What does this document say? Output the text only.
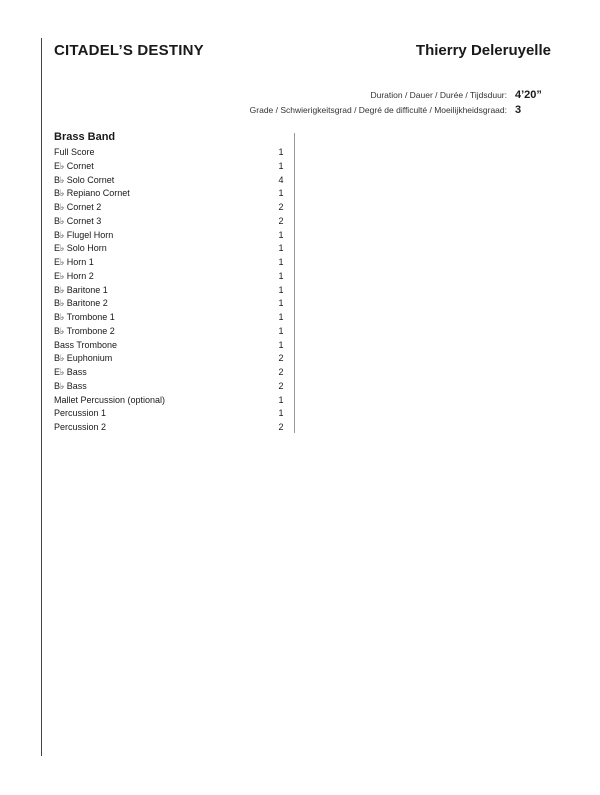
CITADEL’S DESTINY	Thierry Deleruyelle
Duration / Dauer / Durée / Tijdsduur: 4’20”
Grade / Schwierigkeitsgrad / Degré de difficulté / Moeilijkheidsgraad: 3
Brass Band
Full Score	1
E♭ Cornet	1
B♭ Solo Cornet	4
B♭ Repiano Cornet	1
B♭ Cornet 2	2
B♭ Cornet 3	2
B♭ Flugel Horn	1
E♭ Solo Horn	1
E♭ Horn 1	1
E♭ Horn 2	1
B♭ Baritone 1	1
B♭ Baritone 2	1
B♭ Trombone 1	1
B♭ Trombone 2	1
Bass Trombone	1
B♭ Euphonium	2
E♭ Bass	2
B♭ Bass	2
Mallet Percussion (optional)	1
Percussion 1	1
Percussion 2	2
